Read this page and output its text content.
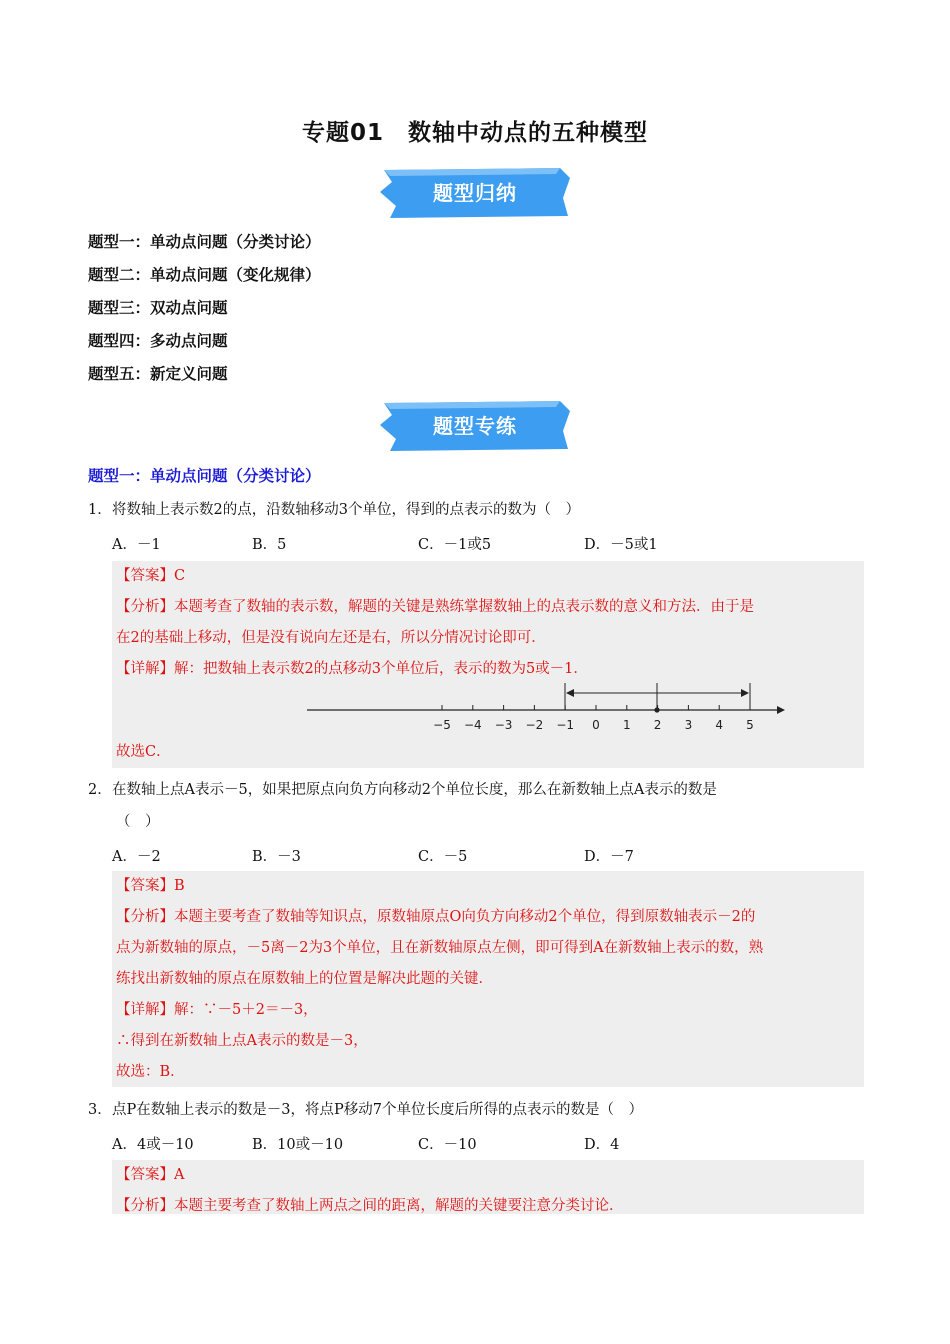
专题01　数轴中动点的五种模型
题型归纳
题型一：单动点问题（分类讨论）
题型二：单动点问题（变化规律）
题型三：双动点问题
题型四：多动点问题
题型五：新定义问题
题型专练
题型一：单动点问题（分类讨论）
1．将数轴上表示数2的点，沿数轴移动3个单位，得到的点表示的数为（　）
A．－1	B．5	C．－1或5	D．－5或1
【答案】C
【分析】本题考查了数轴的表示数，解题的关键是熟练掌握数轴上的点表示数的意义和方法．由于是
在2的基础上移动，但是没有说向左还是右，所以分情况讨论即可．
【详解】解：把数轴上表示数2的点移动3个单位后，表示的数为5或－1．
−5 −4 −3 −2 −1 0 1 2 3 4 5
故选C．
2．在数轴上点A表示－5，如果把原点向负方向移动2个单位长度，那么在新数轴上点A表示的数是
（　）
A．－2	B．－3	C．－5	D．－7
【答案】B
【分析】本题主要考查了数轴等知识点，原数轴原点O向负方向移动2个单位，得到原数轴表示－2的
点为新数轴的原点，－5离－2为3个单位，且在新数轴原点左侧，即可得到A在新数轴上表示的数，熟
练找出新数轴的原点在原数轴上的位置是解决此题的关键．
【详解】解：∵－5＋2＝－3，
∴得到在新数轴上点A表示的数是－3，
故选：B．
3．点P在数轴上表示的数是－3，将点P移动7个单位长度后所得的点表示的数是（　）
A．4或－10	B．10或－10	C．－10	D．4
【答案】A
【分析】本题主要考查了数轴上两点之间的距离，解题的关键要注意分类讨论．
